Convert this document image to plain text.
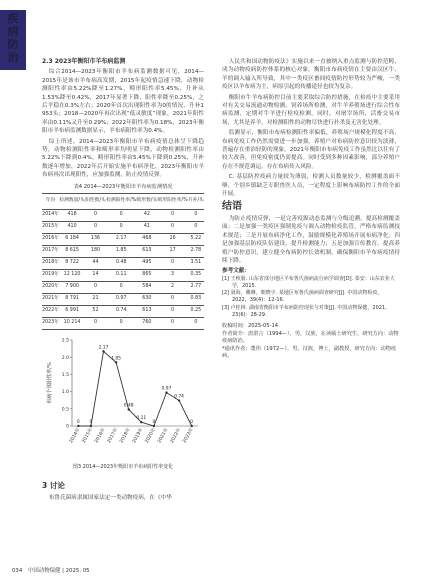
疾病防治	2.3 2023年衡阳市羊布病监测

综合2014—2023年衡阳市羊布病监测数据可见，2014—2015年是该市羊布病高发期，2015年起疫情急速下降，动物检测阳性率由5.22%降至1.27%，畸形阳性率5.45%、升补从1.53%降至0.42%，2017年显著下降，阳性率降至0.25%，之后平稳在0.3%左右；2020年首次出现阳性率为0的情况，升补1 953头；2018—2020年再次出现“低灵敏度”现象，2021年阳性率由0.11%又升至0.29%；2022年阳性率为0.18%，2023年衡阳市羊布病监测数据显示，羊布病阳性率为0.4%。

综上所述，2014—2023年衡阳市羊布病疫情总体呈下降趋势，动物检测阳性率和畸形率均明显下降，动物检测阳性率由5.22%下降到0.4%，畸形阳性率由5.45%下降到0.25%，升补数逐年增加，2022年后开始实施羊布病净化，2023年衡阳市羊布病再次出现阳性，应加强监测，防止疫情反弹。

表4 2014—2023年衡阳市羊布病监测情况
年份	检测数量/头	阳性数/头	检测阳性率/%	畸形数/头	畸形阳性率/%	升补/头
2014年	418	0	0	42	0	0
2015年	410	0	0	41	0	0
2016年	6 184	136	2.17	468	26	5.22
2017年	8 615	180	1.85	613	17	2.78
2018年	8 722	44	0.48	495	0	3.51
2019年	12 120	14	0.11	865	3	0.35
2020年	7 900	0	0	584	2	2.77
2021年	8 791	21	0.97	630	0	0.83
2022年	6 991	52	0.74	613	0	0.25
2023年	10 214	0	0	760	0	0
0
0.5
1.0
1.5
2.0
2.5
布病个体阳性率/%
2014年 2015年 2016年 2017年 2018年 2019年 2020年 2021年 2022年 2023年
0 0
2.17
1.85
0.48
0.11
0
0.97
0.74
0
图3 2014—2023年衡阳市羊布病阳性率变化
3 讨论

布鲁氏菌病隶属国家法定一类动物疫病，在《中华

人民共和国动物防疫法》实施以来一直被纳入重点监测与防控范畴，成为动物疫病防控体系的核心对象。衡阳市布病疫情在主要由汉区牛、羊的调入输入所导致，其中一类疫区畜间疫情防控形势较为严峻，一类疫区以羊布病为主，病原引起的传播途径也较为复杂。

衡阳市牛羊布病防控目前主要采取综合防控措施，在检疫中主要采用对有关交易流通动物检测、饲养场所检测，对牛羊养殖场进行综合性布病监测，定期对牛羊进行检疫检测，同时，对屠宰场所、活畜交易市场，尤其是养羊，对检测阳性的动物尽快进行扑杀及无害化处理。

监测显示，衡阳市布病检测阳性率偏低，养殖场户规模化程度不高，布病免疫工作仍然需要进一步加强。养殖户对布病防控意识较为淡薄，普遍存在重治轻防的现象，2021年衡阳市布病免疫工作虽然比以往有了较大改善，但免疫密度仍需提高。同时受到多种因素影响，部分养殖户存在不规范调运，存在布病传入风险。

C. 基层防控疫病力量较为薄弱，检测人员数量较少，检测覆盖面不够，个别乡镇缺乏专职兽医人员，一定程度上影响布病防控工作的全面开展。

结语

为防止疫情反弹，一是完善疫源动态监测与分级追溯，提高检测覆盖面；二是加强一类疫区强制免疫与调入动物检疫监管，严格布病监测技术规范；三是开展布病净化工作，鼓励规模化养殖场开展布病净化；四是加强基层防疫队伍建设，提升检测能力；五是加强宣传教育，提高养殖户防控意识，建立健全布病防控长效机制，确保衡阳市羊布病疫情持续下降。

参考文献：

[1] 王秋菊. 山东省部分地区羊布鲁氏菌病流行病学调查[D]. 泰安：山东农业大学，2015.

[2] 聂海，戴琳，朝晓宇. 某地区布鲁氏菌病调查研究[J]. 中国动物检疫，2022，39(4)：12-16.

[3] 卢桂林. 湖南省衡阳市羊布病防控现状与对策[J]. 中国动物保健，2021，23(6)：28-29.

收稿时间：2025-05-14

作者简介：唐湛言（1994—），男，汉族，在读硕士研究生，研究方向：动物疫病防治。

*通讯作者：董伟（1972—），男，汉族，博士，副教授，研究方向：动物疫病。

034 中国动物保健 | 2025. 05
